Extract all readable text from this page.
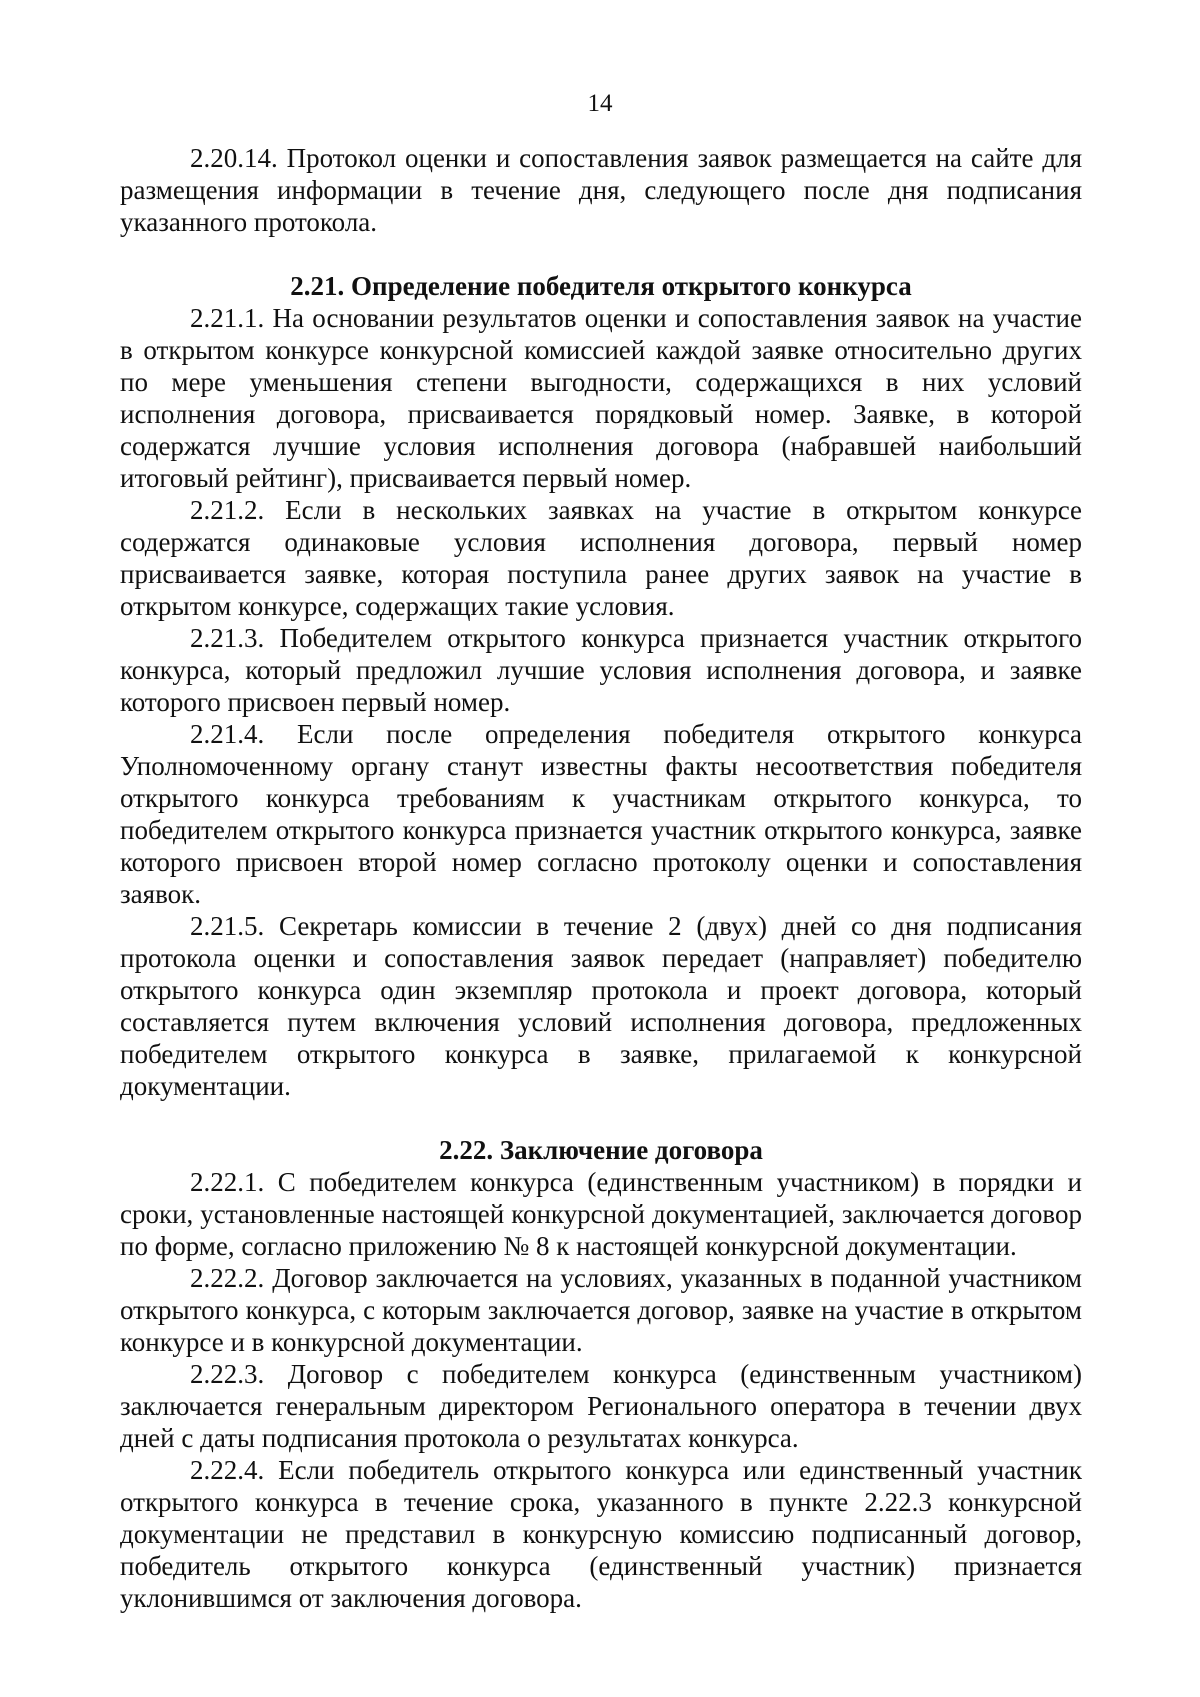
14

2.20.14. Протокол оценки и сопоставления заявок размещается на сайте для размещения информации в течение дня, следующего после дня подписания указанного протокола.

2.21. Определение победителя открытого конкурса

2.21.1. На основании результатов оценки и сопоставления заявок на участие в открытом конкурсе конкурсной комиссией каждой заявке относительно других по мере уменьшения степени выгодности, содержащихся в них условий исполнения договора, присваивается порядковый номер. Заявке, в которой содержатся лучшие условия исполнения договора (набравшей наибольший итоговый рейтинг), присваивается первый номер.

2.21.2. Если в нескольких заявках на участие в открытом конкурсе содержатся одинаковые условия исполнения договора, первый номер присваивается заявке, которая поступила ранее других заявок на участие в открытом конкурсе, содержащих такие условия.

2.21.3. Победителем открытого конкурса признается участник открытого конкурса, который предложил лучшие условия исполнения договора, и заявке которого присвоен первый номер.

2.21.4. Если после определения победителя открытого конкурса Уполномоченному органу станут известны факты несоответствия победителя открытого конкурса требованиям к участникам открытого конкурса, то победителем открытого конкурса признается участник открытого конкурса, заявке которого присвоен второй номер согласно протоколу оценки и сопоставления заявок.

2.21.5. Секретарь комиссии в течение 2 (двух) дней со дня подписания протокола оценки и сопоставления заявок передает (направляет) победителю открытого конкурса один экземпляр протокола и проект договора, который составляется путем включения условий исполнения договора, предложенных победителем открытого конкурса в заявке, прилагаемой к конкурсной документации.

2.22. Заключение договора

2.22.1. С победителем конкурса (единственным участником) в порядки и сроки, установленные настоящей конкурсной документацией, заключается договор по форме, согласно приложению № 8 к настоящей конкурсной документации.

2.22.2. Договор заключается на условиях, указанных в поданной участником открытого конкурса, с которым заключается договор, заявке на участие в открытом конкурсе и в конкурсной документации.

2.22.3. Договор с победителем конкурса (единственным участником) заключается генеральным директором Регионального оператора в течении двух дней с даты подписания протокола о результатах конкурса.

2.22.4. Если победитель открытого конкурса или единственный участник открытого конкурса в течение срока, указанного в пункте 2.22.3 конкурсной документации не представил в конкурсную комиссию подписанный договор, победитель открытого конкурса (единственный участник) признается уклонившимся от заключения договора.
